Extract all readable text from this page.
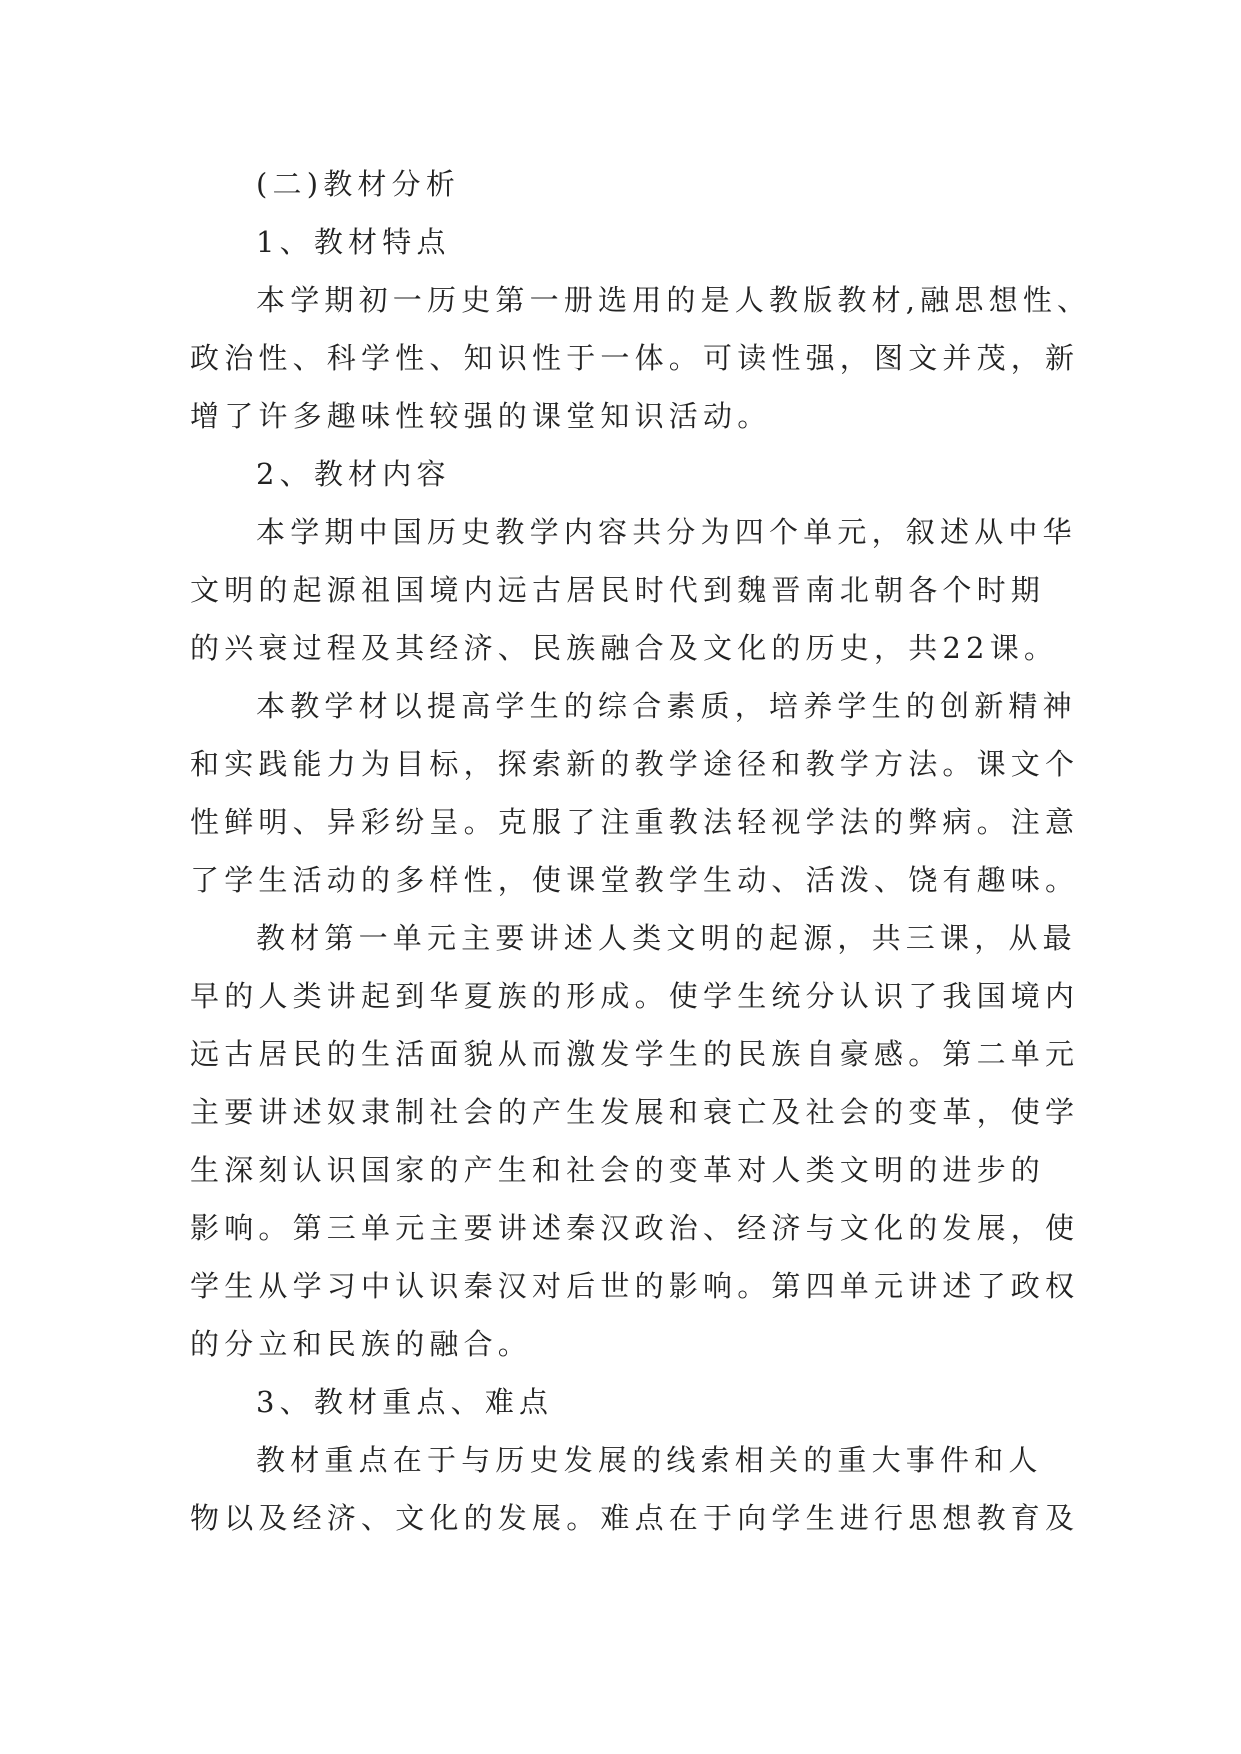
(二)教材分析
1、教材特点
本学期初一历史第一册选用的是人教版教材,融思想性、
政治性、科学性、知识性于一体。可读性强，图文并茂，新
增了许多趣味性较强的课堂知识活动。
2、教材内容
本学期中国历史教学内容共分为四个单元，叙述从中华
文明的起源祖国境内远古居民时代到魏晋南北朝各个时期
的兴衰过程及其经济、民族融合及文化的历史，共22课。
本教学材以提高学生的综合素质，培养学生的创新精神
和实践能力为目标，探索新的教学途径和教学方法。课文个
性鲜明、异彩纷呈。克服了注重教法轻视学法的弊病。注意
了学生活动的多样性，使课堂教学生动、活泼、饶有趣味。
教材第一单元主要讲述人类文明的起源，共三课，从最
早的人类讲起到华夏族的形成。使学生统分认识了我国境内
远古居民的生活面貌从而激发学生的民族自豪感。第二单元
主要讲述奴隶制社会的产生发展和衰亡及社会的变革，使学
生深刻认识国家的产生和社会的变革对人类文明的进步的
影响。第三单元主要讲述秦汉政治、经济与文化的发展，使
学生从学习中认识秦汉对后世的影响。第四单元讲述了政权
的分立和民族的融合。
3、教材重点、难点
教材重点在于与历史发展的线索相关的重大事件和人
物以及经济、文化的发展。难点在于向学生进行思想教育及
